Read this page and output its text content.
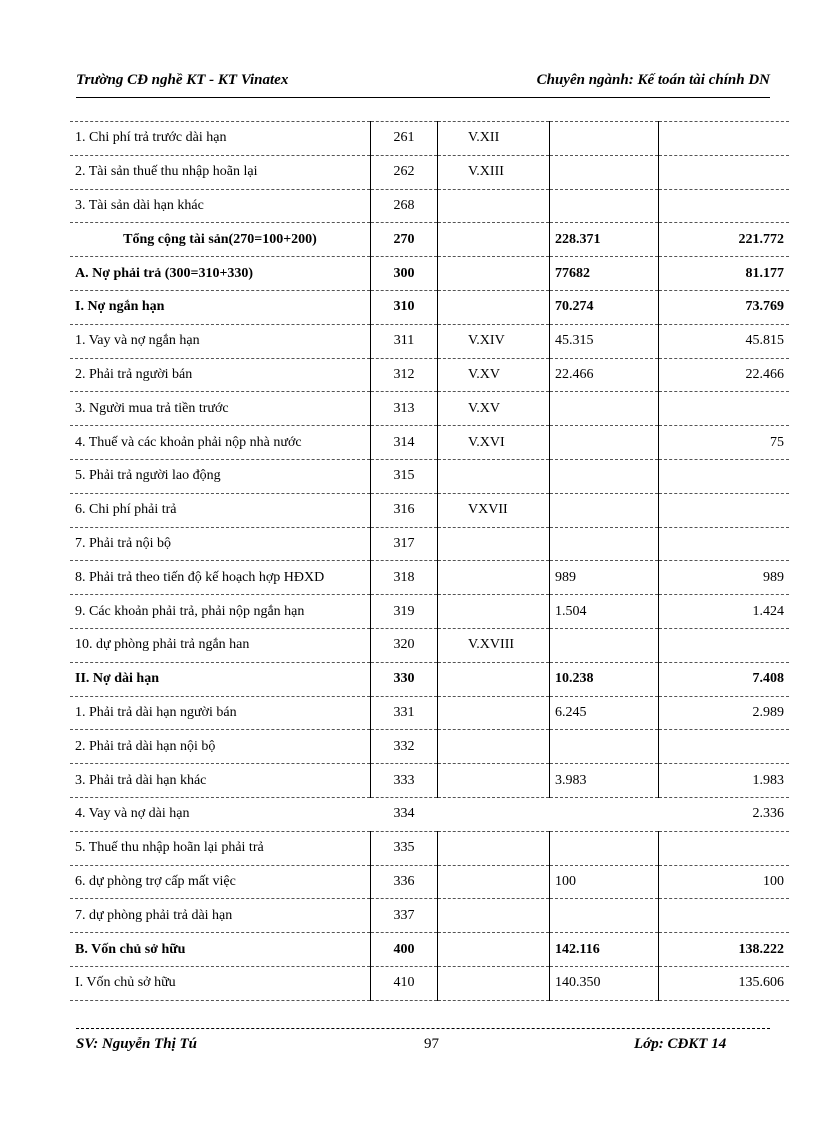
Trường CĐ nghề KT - KT Vinatex	Chuyên ngành: Kế toán tài chính DN
1. Chi phí trả trước dài hạn	261	V.XII		
2. Tài sản thuế thu nhập hoãn lại	262	V.XIII		
3. Tài sản dài hạn khác	268			
Tổng cộng tài sản(270=100+200)	270		228.371	221.772
A. Nợ phải trả (300=310+330)	300		77682	81.177
I. Nợ ngắn hạn	310		70.274	73.769
1. Vay và nợ ngắn hạn	311	V.XIV	45.315	45.815
2. Phải trả người bán	312	V.XV	22.466	22.466
3. Người mua trả tiền trước	313	V.XV		
4. Thuế và các khoản phải nộp nhà nước	314	V.XVI		75
5. Phải trả người lao động	315			
6. Chi phí phải trả	316	VXVII		
7. Phải trả nội bộ	317			
8. Phải trả theo tiến độ kế hoạch hợp HĐXD	318		989	989
9. Các khoản phải trả, phải nộp ngắn hạn	319		1.504	1.424
10. dự phòng phải trả ngắn han	320	V.XVIII		
II. Nợ dài hạn	330		10.238	7.408
1. Phải trả dài hạn người bán	331		6.245	2.989
2. Phải trả dài hạn nội bộ	332			
3. Phải trả dài hạn khác	333		3.983	1.983
4. Vay và nợ dài hạn	334			2.336
5. Thuế thu nhập hoãn lại phải trả	335			
6. dự phòng trợ cấp mất việc	336		100	100
7. dự phòng phải trả dài hạn	337			
B. Vốn chủ sở hữu	400		142.116	138.222
I. Vốn chủ sở hữu	410		140.350	135.606
SV: Nguyễn Thị Tú	97	Lớp: CĐKT 14
